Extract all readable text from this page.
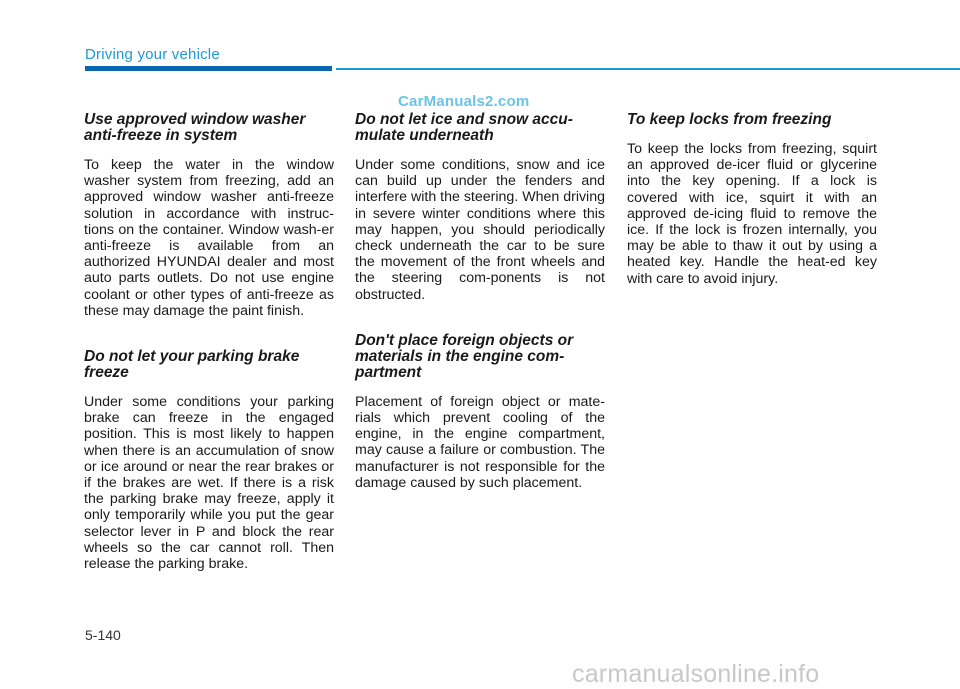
Driving your vehicle
CarManuals2.com
Use approved window washer anti-freeze in system

To keep the water in the window washer system from freezing, add an approved window washer anti-freeze solution in accordance with instruc-tions on the container. Window wash-er anti-freeze is available from an authorized HYUNDAI dealer and most auto parts outlets. Do not use engine coolant or other types of anti-freeze as these may damage the paint finish.

Do not let your parking brake freeze

Under some conditions your parking brake can freeze in the engaged position. This is most likely to happen when there is an accumulation of snow or ice around or near the rear brakes or if the brakes are wet. If there is a risk the parking brake may freeze, apply it only temporarily while you put the gear selector lever in P and block the rear wheels so the car cannot roll. Then release the parking brake.

Do not let ice and snow accu-mulate underneath

Under some conditions, snow and ice can build up under the fenders and interfere with the steering. When driving in severe winter conditions where this may happen, you should periodically check underneath the car to be sure the movement of the front wheels and the steering com-ponents is not obstructed.

Don't place foreign objects or materials in the engine com-partment

Placement of foreign object or mate-rials which prevent cooling of the engine, in the engine compartment, may cause a failure or combustion. The manufacturer is not responsible for the damage caused by such placement.

To keep locks from freezing

To keep the locks from freezing, squirt an approved de-icer fluid or glycerine into the key opening. If a lock is covered with ice, squirt it with an approved de-icing fluid to remove the ice. If the lock is frozen internally, you may be able to thaw it out by using a heated key. Handle the heat-ed key with care to avoid injury.

5-140
carmanualsonline.info
